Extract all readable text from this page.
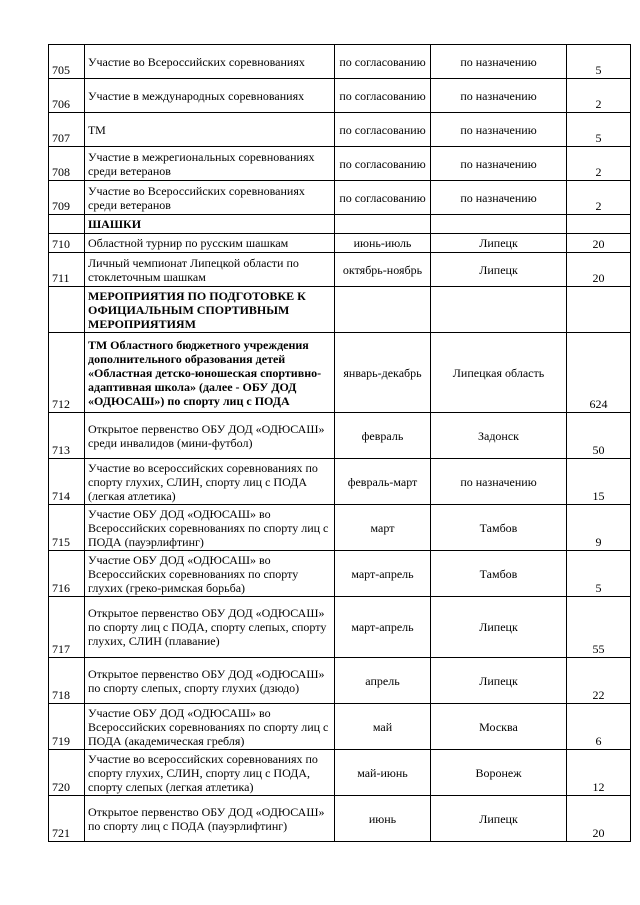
705	Участие во Всероссийских соревнованиях	по согласованию	по назначению	5
706	Участие в международных соревнованиях	по согласованию	по назначению	2
707	ТМ	по согласованию	по назначению	5
708	Участие в межрегиональных соревнованиях среди ветеранов	по согласованию	по назначению	2
709	Участие во Всероссийских соревнованиях среди ветеранов	по согласованию	по назначению	2
	ШАШКИ			
710	Областной турнир по русским шашкам	июнь-июль	Липецк	20
711	Личный чемпионат Липецкой области по стоклеточным шашкам	октябрь-ноябрь	Липецк	20
	МЕРОПРИЯТИЯ ПО ПОДГОТОВКЕ К ОФИЦИАЛЬНЫМ СПОРТИВНЫМ МЕРОПРИЯТИЯМ			
712	ТМ Областного бюджетного учреждения дополнительного образования детей «Областная детско-юношеская спортивно-адаптивная школа» (далее - ОБУ ДОД «ОДЮСАШ») по спорту лиц с ПОДА	январь-декабрь	Липецкая область	624
713	Открытое первенство ОБУ ДОД «ОДЮСАШ» среди инвалидов (мини-футбол)	февраль	Задонск	50
714	Участие во всероссийских соревнованиях по спорту глухих, СЛИН, спорту лиц с ПОДА (легкая атлетика)	февраль-март	по назначению	15
715	Участие ОБУ ДОД «ОДЮСАШ» во Всероссийских соревнованиях по спорту лиц с ПОДА (пауэрлифтинг)	март	Тамбов	9
716	Участие ОБУ ДОД «ОДЮСАШ» во Всероссийских соревнованиях по спорту глухих (греко-римская борьба)	март-апрель	Тамбов	5
717	Открытое первенство ОБУ ДОД «ОДЮСАШ» по спорту лиц с ПОДА, спорту слепых, спорту глухих, СЛИН (плавание)	март-апрель	Липецк	55
718	Открытое первенство ОБУ ДОД «ОДЮСАШ» по спорту слепых, спорту глухих (дзюдо)	апрель	Липецк	22
719	Участие ОБУ ДОД «ОДЮСАШ» во Всероссийских соревнованиях по спорту лиц с ПОДА (академическая гребля)	май	Москва	6
720	Участие во всероссийских соревнованиях по спорту глухих, СЛИН, спорту лиц с ПОДА, спорту слепых (легкая атлетика)	май-июнь	Воронеж	12
721	Открытое первенство ОБУ ДОД «ОДЮСАШ» по спорту лиц с ПОДА (пауэрлифтинг)	июнь	Липецк	20
